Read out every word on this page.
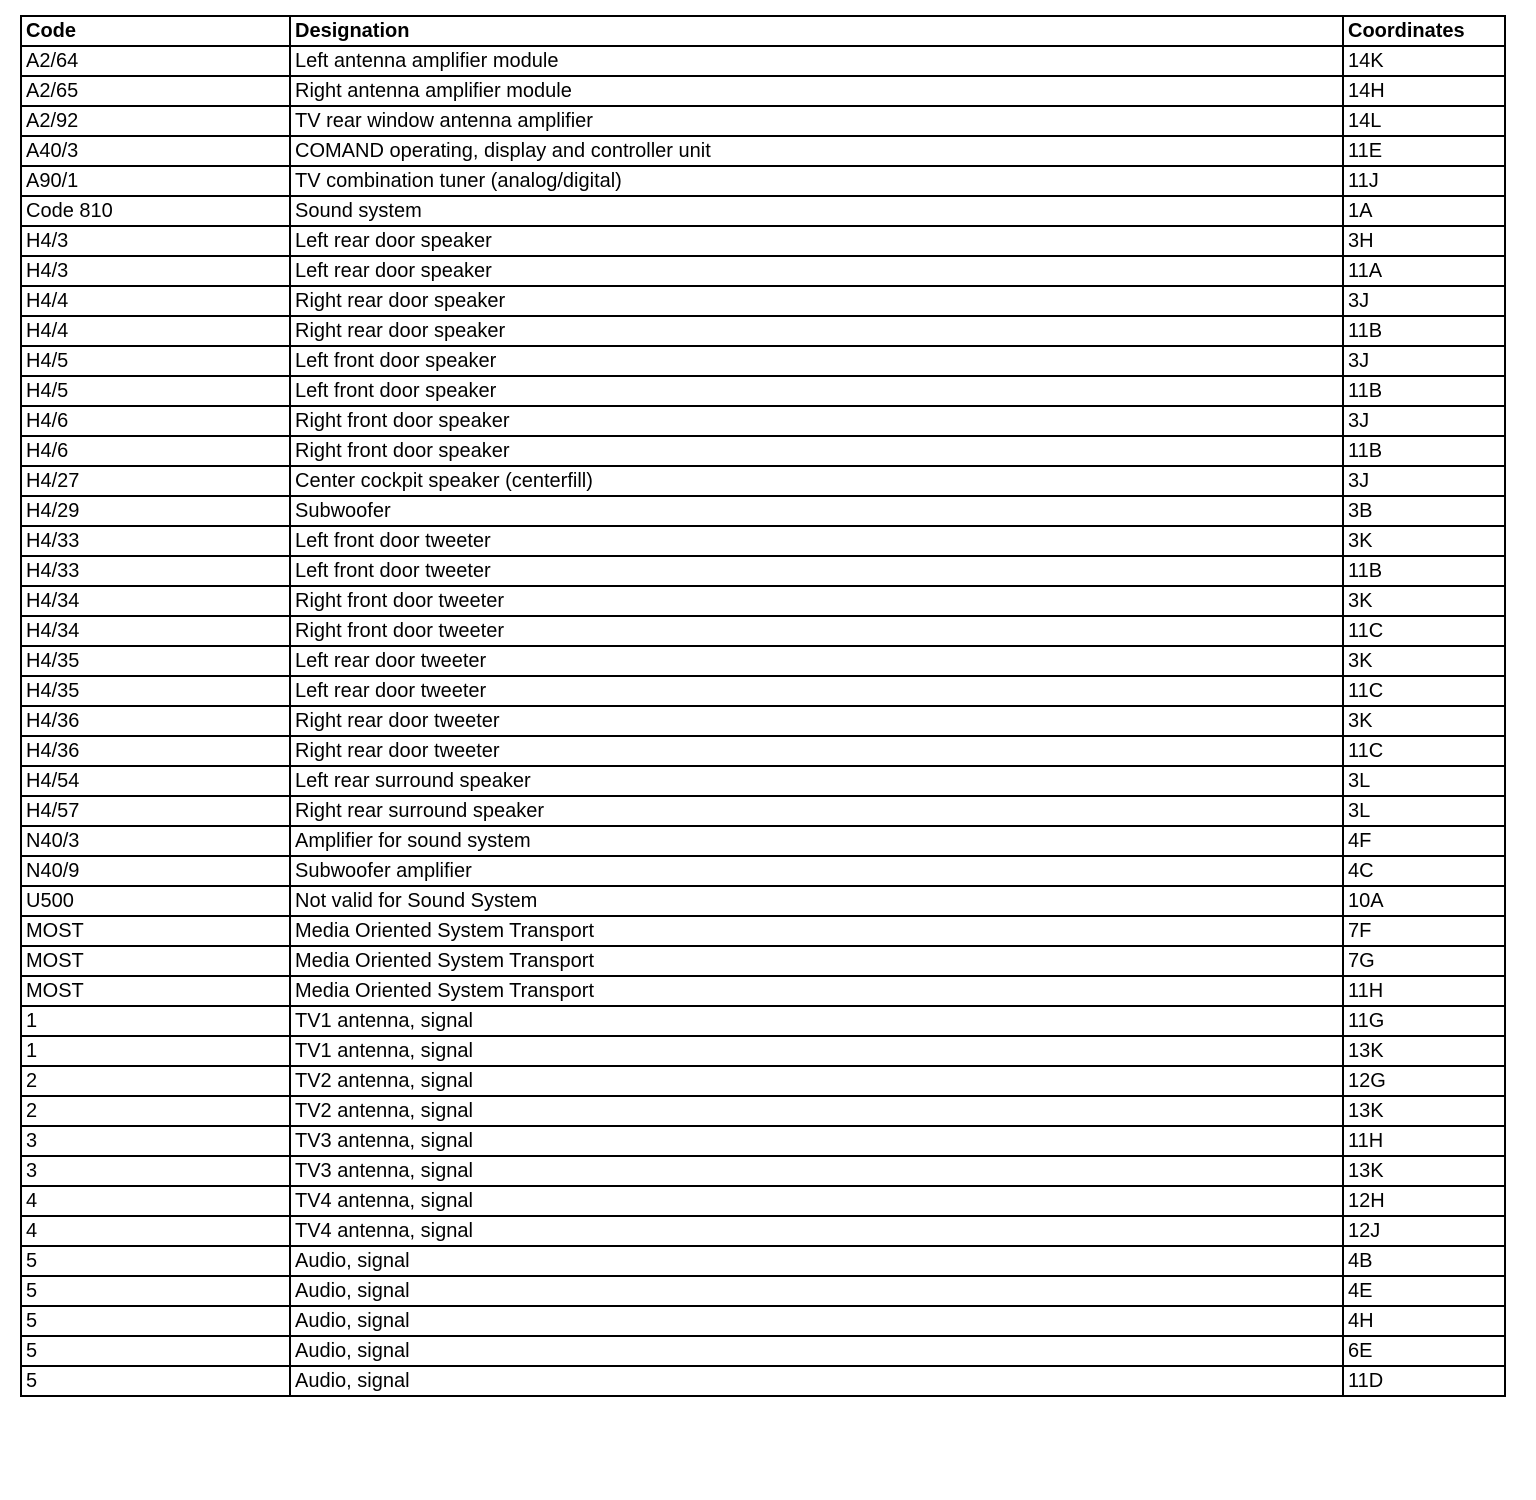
Code	Designation	Coordinates
A2/64	Left antenna amplifier module	14K
A2/65	Right antenna amplifier module	14H
A2/92	TV rear window antenna amplifier	14L
A40/3	COMAND operating, display and controller unit	11E
A90/1	TV combination tuner (analog/digital)	11J
Code 810	Sound system	1A
H4/3	Left rear door speaker	3H
H4/3	Left rear door speaker	11A
H4/4	Right rear door speaker	3J
H4/4	Right rear door speaker	11B
H4/5	Left front door speaker	3J
H4/5	Left front door speaker	11B
H4/6	Right front door speaker	3J
H4/6	Right front door speaker	11B
H4/27	Center cockpit speaker (centerfill)	3J
H4/29	Subwoofer	3B
H4/33	Left front door tweeter	3K
H4/33	Left front door tweeter	11B
H4/34	Right front door tweeter	3K
H4/34	Right front door tweeter	11C
H4/35	Left rear door tweeter	3K
H4/35	Left rear door tweeter	11C
H4/36	Right rear door tweeter	3K
H4/36	Right rear door tweeter	11C
H4/54	Left rear surround speaker	3L
H4/57	Right rear surround speaker	3L
N40/3	Amplifier for sound system	4F
N40/9	Subwoofer amplifier	4C
U500	Not valid for Sound System	10A
MOST	Media Oriented System Transport	7F
MOST	Media Oriented System Transport	7G
MOST	Media Oriented System Transport	11H
1	TV1 antenna, signal	11G
1	TV1 antenna, signal	13K
2	TV2 antenna, signal	12G
2	TV2 antenna, signal	13K
3	TV3 antenna, signal	11H
3	TV3 antenna, signal	13K
4	TV4 antenna, signal	12H
4	TV4 antenna, signal	12J
5	Audio, signal	4B
5	Audio, signal	4E
5	Audio, signal	4H
5	Audio, signal	6E
5	Audio, signal	11D
